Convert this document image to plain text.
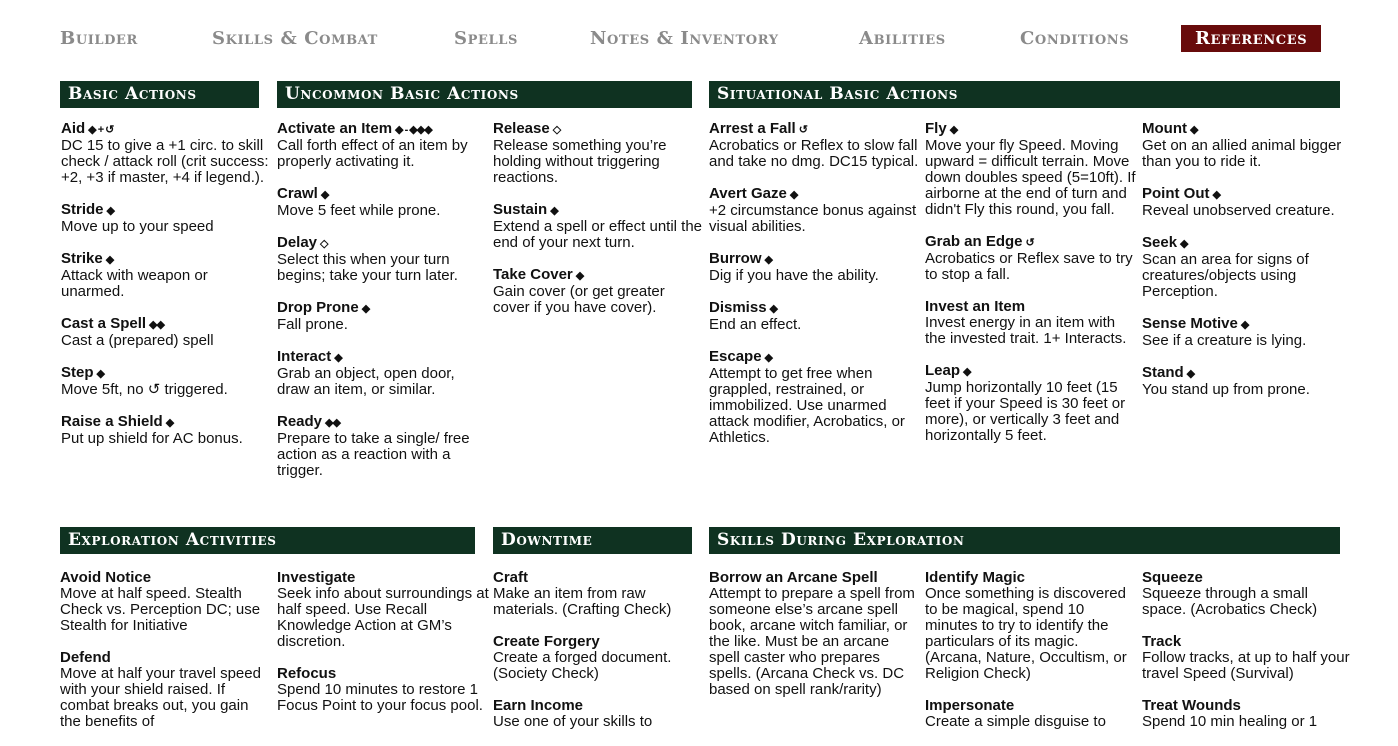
Builder	Skills & Combat	Spells	Notes & Inventory	Abilities	Conditions	References
Basic Actions	Uncommon Basic Actions	Situational Basic Actions
Exploration Activities	Downtime	Skills During Exploration
Aid ◆ + ↺
DC 15 to give a +1 circ. to skill check / attack roll (crit success: +2, +3 if master, +4 if legend.).
Stride ◆
Move up to your speed
Strike ◆
Attack with weapon or unarmed.
Cast a Spell ◆◆
Cast a (prepared) spell
Step ◆
Move 5ft, no ↺ triggered.
Raise a Shield ◆
Put up shield for AC bonus.
Activate an Item ◆ - ◆◆◆
Call forth effect of an item by properly activating it.
Crawl ◆
Move 5 feet while prone.
Delay ◇
Select this when your turn begins; take your turn later.
Drop Prone ◆
Fall prone.
Interact ◆
Grab an object, open door, draw an item, or similar.
Ready ◆◆
Prepare to take a single/ free action as a reaction with a trigger.
Release ◇
Release something you’re holding without triggering reactions.
Sustain ◆
Extend a spell or effect until the end of your next turn.
Take Cover ◆
Gain cover (or get greater cover if you have cover).
Arrest a Fall ↺
Acrobatics or Reflex to slow fall and take no dmg. DC15 typical.
Avert Gaze ◆
+2 circumstance bonus against visual abilities.
Burrow ◆
Dig if you have the ability.
Dismiss ◆
End an effect.
Escape ◆
Attempt to get free when grappled, restrained, or immobilized. Use unarmed attack modifier, Acrobatics, or Athletics.
Fly ◆
Move your fly Speed. Moving upward = difficult terrain. Move down doubles speed (5=10ft). If airborne at the end of turn and didn't Fly this round, you fall.
Grab an Edge ↺
Acrobatics or Reflex save to try to stop a fall.
Invest an Item
Invest energy in an item with the invested trait. 1+ Interacts.
Leap ◆
Jump horizontally 10 feet (15 feet if your Speed is 30 feet or more), or vertically 3 feet and horizontally 5 feet.
Mount ◆
Get on an allied animal bigger than you to ride it.
Point Out ◆
Reveal unobserved creature.
Seek ◆
Scan an area for signs of creatures/objects using Perception.
Sense Motive ◆
See if a creature is lying.
Stand ◆
You stand up from prone.
Avoid Notice
Move at half speed. Stealth Check vs. Perception DC; use Stealth for Initiative
Defend
Move at half your travel speed with your shield raised. If combat breaks out, you gain the benefits of
Investigate
Seek info about surroundings at half speed. Use Recall Knowledge Action at GM’s discretion.
Refocus
Spend 10 minutes to restore 1 Focus Point to your focus pool.
Craft
Make an item from raw materials. (Crafting Check)
Create Forgery
Create a forged document. (Society Check)
Earn Income
Use one of your skills to
Borrow an Arcane Spell
Attempt to prepare a spell from someone else’s arcane spell book, arcane witch familiar, or the like. Must be an arcane spell caster who prepares spells. (Arcana Check vs. DC based on spell rank/rarity)
Identify Magic
Once something is discovered to be magical, spend 10 minutes to try to identify the particulars of its magic. (Arcana, Nature, Occultism, or Religion Check)
Impersonate
Create a simple disguise to
Squeeze
Squeeze through a small space. (Acrobatics Check)
Track
Follow tracks, at up to half your travel Speed (Survival)
Treat Wounds
Spend 10 min healing or 1
